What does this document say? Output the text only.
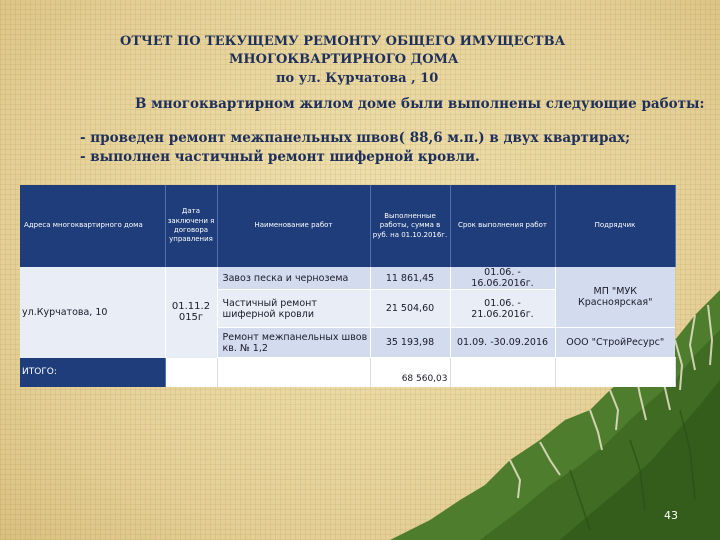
ОТЧЕТ ПО ТЕКУЩЕМУ РЕМОНТУ ОБЩЕГО ИМУЩЕСТВА
МНОГОКВАРТИРНОГО ДОМА
по ул. Курчатова , 10
В многоквартирном жилом доме были выполнены следующие работы:
- проведен ремонт межпанельных швов( 88,6 м.п.) в двух квартирах;
- выполнен частичный ремонт шиферной кровли.
Адреса многоквартирного дома	Дата заключени я договора управления	Наименование работ	Выполненные работы, сумма в руб. на 01.10.2016г.	Срок выполнения работ	Подрядчик
ул.Курчатова, 10	01.11.2 015г	Завоз песка и чернозема	11 861,45	01.06. - 16.06.2016г.	МП "МУК Красноярская"
		Частичный ремонт шиферной кровли	21 504,60	01.06. - 21.06.2016г.	
		Ремонт межпанельных швов кв. № 1,2	35 193,98	01.09. -30.09.2016	ООО "СтройРесурс"
ИТОГО:			68 560,03		
43
